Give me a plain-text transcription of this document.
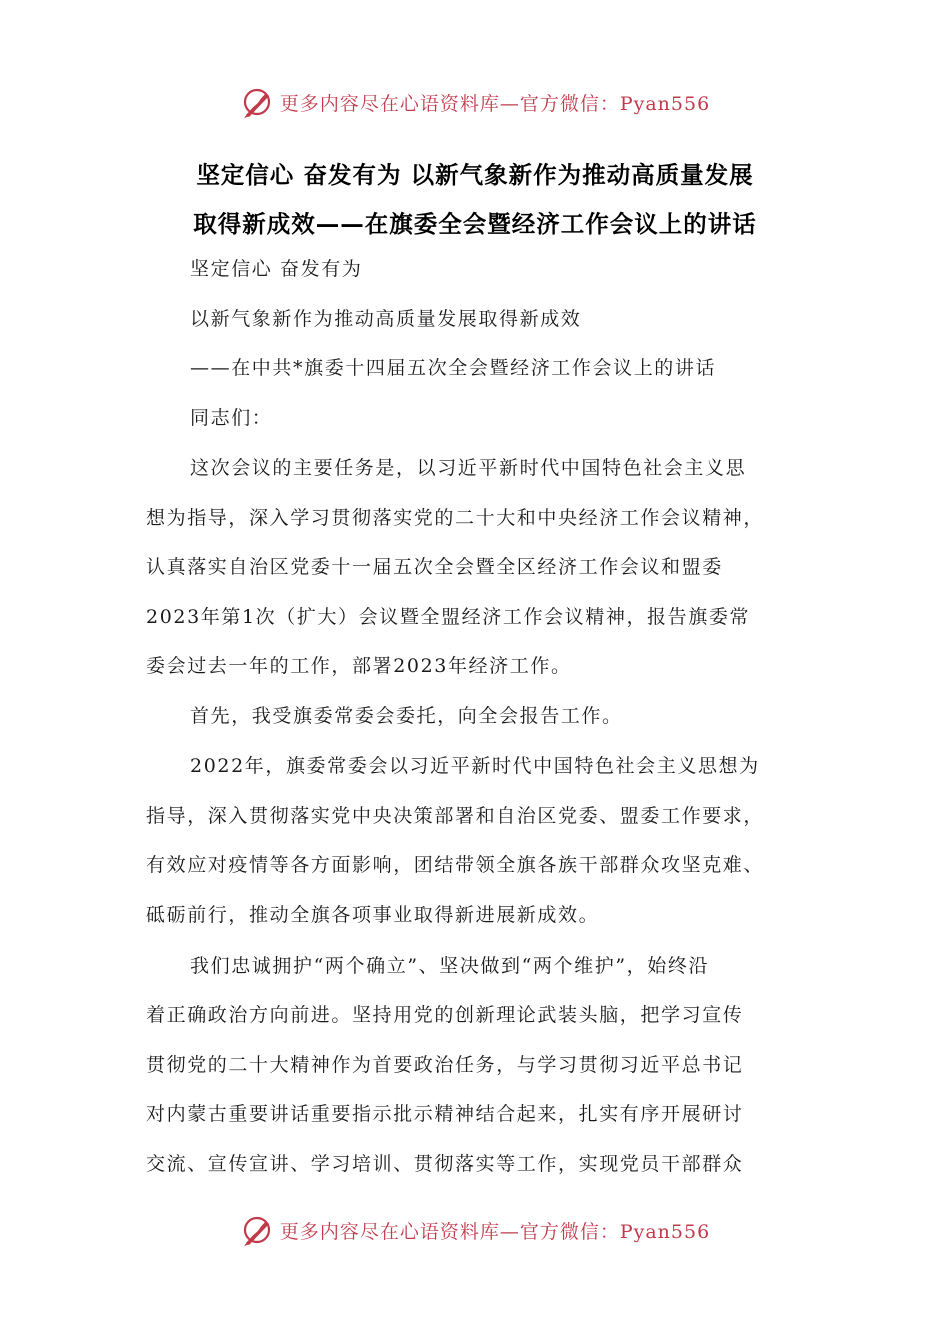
更多内容尽在心语资料库—官方微信：Pyan556
坚定信心 奋发有为 以新气象新作为推动高质量发展
取得新成效——在旗委全会暨经济工作会议上的讲话
坚定信心 奋发有为
以新气象新作为推动高质量发展取得新成效
——在中共*旗委十四届五次全会暨经济工作会议上的讲话
同志们：
这次会议的主要任务是，以习近平新时代中国特色社会主义思
想为指导，深入学习贯彻落实党的二十大和中央经济工作会议精神，
认真落实自治区党委十一届五次全会暨全区经济工作会议和盟委
2023年第1次（扩大）会议暨全盟经济工作会议精神，报告旗委常
委会过去一年的工作，部署2023年经济工作。
首先，我受旗委常委会委托，向全会报告工作。
2022年，旗委常委会以习近平新时代中国特色社会主义思想为
指导，深入贯彻落实党中央决策部署和自治区党委、盟委工作要求，
有效应对疫情等各方面影响，团结带领全旗各族干部群众攻坚克难、
砥砺前行，推动全旗各项事业取得新进展新成效。
我们忠诚拥护“两个确立”、坚决做到“两个维护”，始终沿
着正确政治方向前进。坚持用党的创新理论武装头脑，把学习宣传
贯彻党的二十大精神作为首要政治任务，与学习贯彻习近平总书记
对内蒙古重要讲话重要指示批示精神结合起来，扎实有序开展研讨
交流、宣传宣讲、学习培训、贯彻落实等工作，实现党员干部群众
更多内容尽在心语资料库—官方微信：Pyan556
